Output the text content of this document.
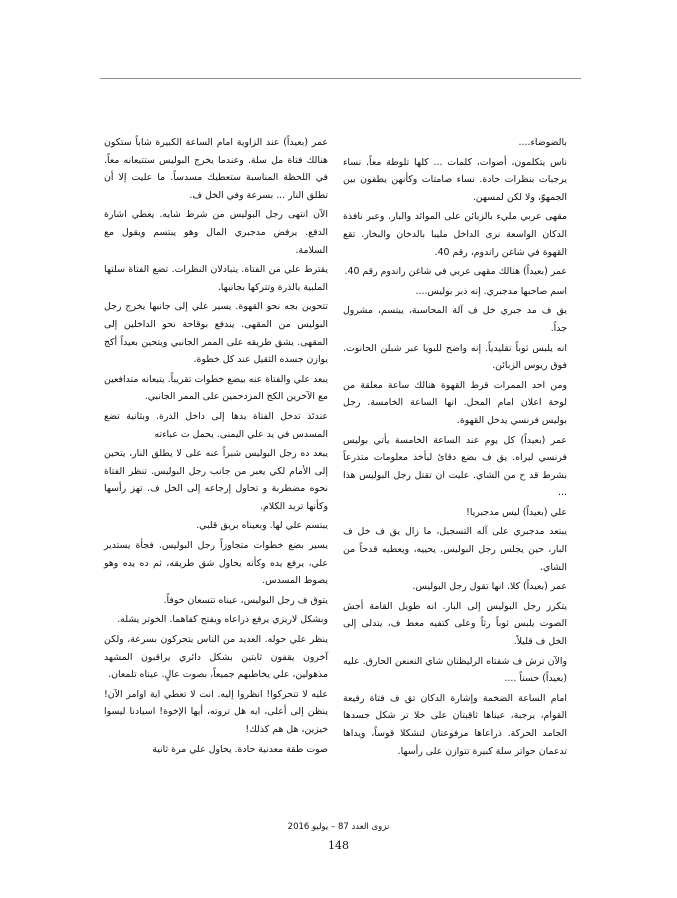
بالضوضاء....

ناس يتكلمون، أصوات، كلمات ... كلها تلوطة معاً. نساء يرجبات بنظرات حادة. نساء صامتات وكأنهن يطفون بين الجمهوّ، ولا لكن لمسهن.

مقهى عربي مليء بالزبائن على الموائد والبار. وعبر نافذة الدكان الواسعة نرى الداخل مليبا بالدخان والبخار. تقع القهوة في شاغن راندوم، رقم 40.

عمر (بعيداً) هنالك مقهى عربي في شاغن راندوم رقم 40.

اسم صاحبها مدجبري. إنه ذبر بوليس....

يق ف مد جبري خل ف آلة المحاسبة، يبتسم، مشرول جداً.

انه يلبس ثوباً تقليدياً. إنه واضح للبويا عبر شبلن الحانوت. فوق ريوس الزبائن.

ومن احد الممرات قرط القهوة هنالك ساعة معلقة من لوحة اعلان امام المحل. انها الساعة الخامسة. رجل بوليس فرنسي يدخل القهوة.

عمر (بعيداً) كل يوم عند الساعة الخامسة يأتي بوليس فرنسي ليراه. يق ف بضع دقائ ليأخذ معلومات متذرعاً بشرط قد ح من الشاي. عليت ان تقتل رجل البوليس هذا ...

علي (بعيداً) ليس مدجبريا!

يبتعد مدجبري على آله التسجيل، ما زال يق ف خل ف البار، حين يجلس رجل البوليس. يحييه، ويعطيه قدحاً من الشاي.

عمر (بعيداً) كلا. انها تقول رجل البوليس.

يتكرز رجل البوليس إلى البار. انه طويل القامة أجش الصوت يلبس ثوباً رثاً وعلى كتفيه معط ف، يتدلى إلى الخل ف قليلاً.

والآن ترش ف شفتاه الرليظتان شاي النعنعن الحارق. عليه (بعيداً) حسناً ....

امام الساعة الضخمة وإشارة الدكان تق ف فتاة رفيعة القوام، يرجبة، عيناها ثاقبتان على خلا تر شكل جسدها الجامد الحركة. ذراعاها مرفوعتان لتشكلا قوساً، ويداها تدعمان حواتر سلة كبيرة تتوازن على رأسها.

عمر (بعيداً) عند الزاوية امام الساعة الكبيرة شاباً ستكون هنالك فتاة مل سلة. وعندما يخرج البوليس ستتبعانه معاً. في اللحظة المناسبة ستعطيك مسدساً. ما عليت إلا أن تطلق النار ... بسرعة وفي الخل ف.

الآن انتهى رجل البوليس من شرط شايه. يعطي اشارة الدفع. يرفض مدجبري المال وهو يبتسم ويقول مع السلامة.

يقترط علي من الفتاة. يتبادلان النظرات. تضع الفتاة سلتها الملبية بالذرة وتتركها بجانبها.

تتحوين بجه نحو القهوة. يسير علي إلى جانبها يخرج رجل البوليس من المقهى. يندفع بوقاحة نحو الداخلين إلى المقهى. يشق طريقه على الممر الجانبي ويتحين بعيداً أكج يوازن جسده الثقيل عند كل خطوة.

يبعد علي والفتاة عنه بيضع خطوات تقريباً. يتبعانه متدافعين مع الآخرين الكج المزدحمين على الممر الجانبي.

عندئذ تدخل الفتاة يدها إلى داخل الذرة. وبثانية تضع المسدس في يد علي اليمنى. يحمل ت عباءته

يبعد ده رجل البوليس شبراً عنه على لا يطلق النار، يتحين إلى الأمام لكي يعبر من جانب رجل البوليس. تنظر الفتاة نحوه مضطربة و تحاول إرجاعه إلى الخل ف. تهز رأسها وكأنها تريد الكلام.

يبتسم علي لها. وبعيناه بريق قلبي.

يسير بضع خطوات متجاوزاً رجل البوليس. فجأة يستدير علي، يرفع يده وكأنه يحاول شق طريقه، ثم ده يده وهو يصوط المسدس.

يتوق ف رجل البوليس، عيناه تتسعان خوفاً.

وبشكل لاريزي يرفع ذراعاه ويفتح كفاهما. الخوتر يشله.

ينظر علي حوله. العديد من الناس يتحركون بسرعة، ولكن آخرون يقفون ثابتين بشكل دائري يراقبون المشهد مذهولين، علي يخاطبهم جميعاً، بصوت عالٍ. عيناه تلمعان.

عليه لا تتحركوا! انظروا إليه. انت لا تعطي اية اوامر الآن! ينظن إلى أعلى، ايه هل تروته، أيها الإخوة! اسيادنا ليسوا خيزين، هل هم كذلك!

صوت طقة معدنية حادة. يحاول علي مرة ثانية

نزوى العدد 87 – يوليو 2016
148
